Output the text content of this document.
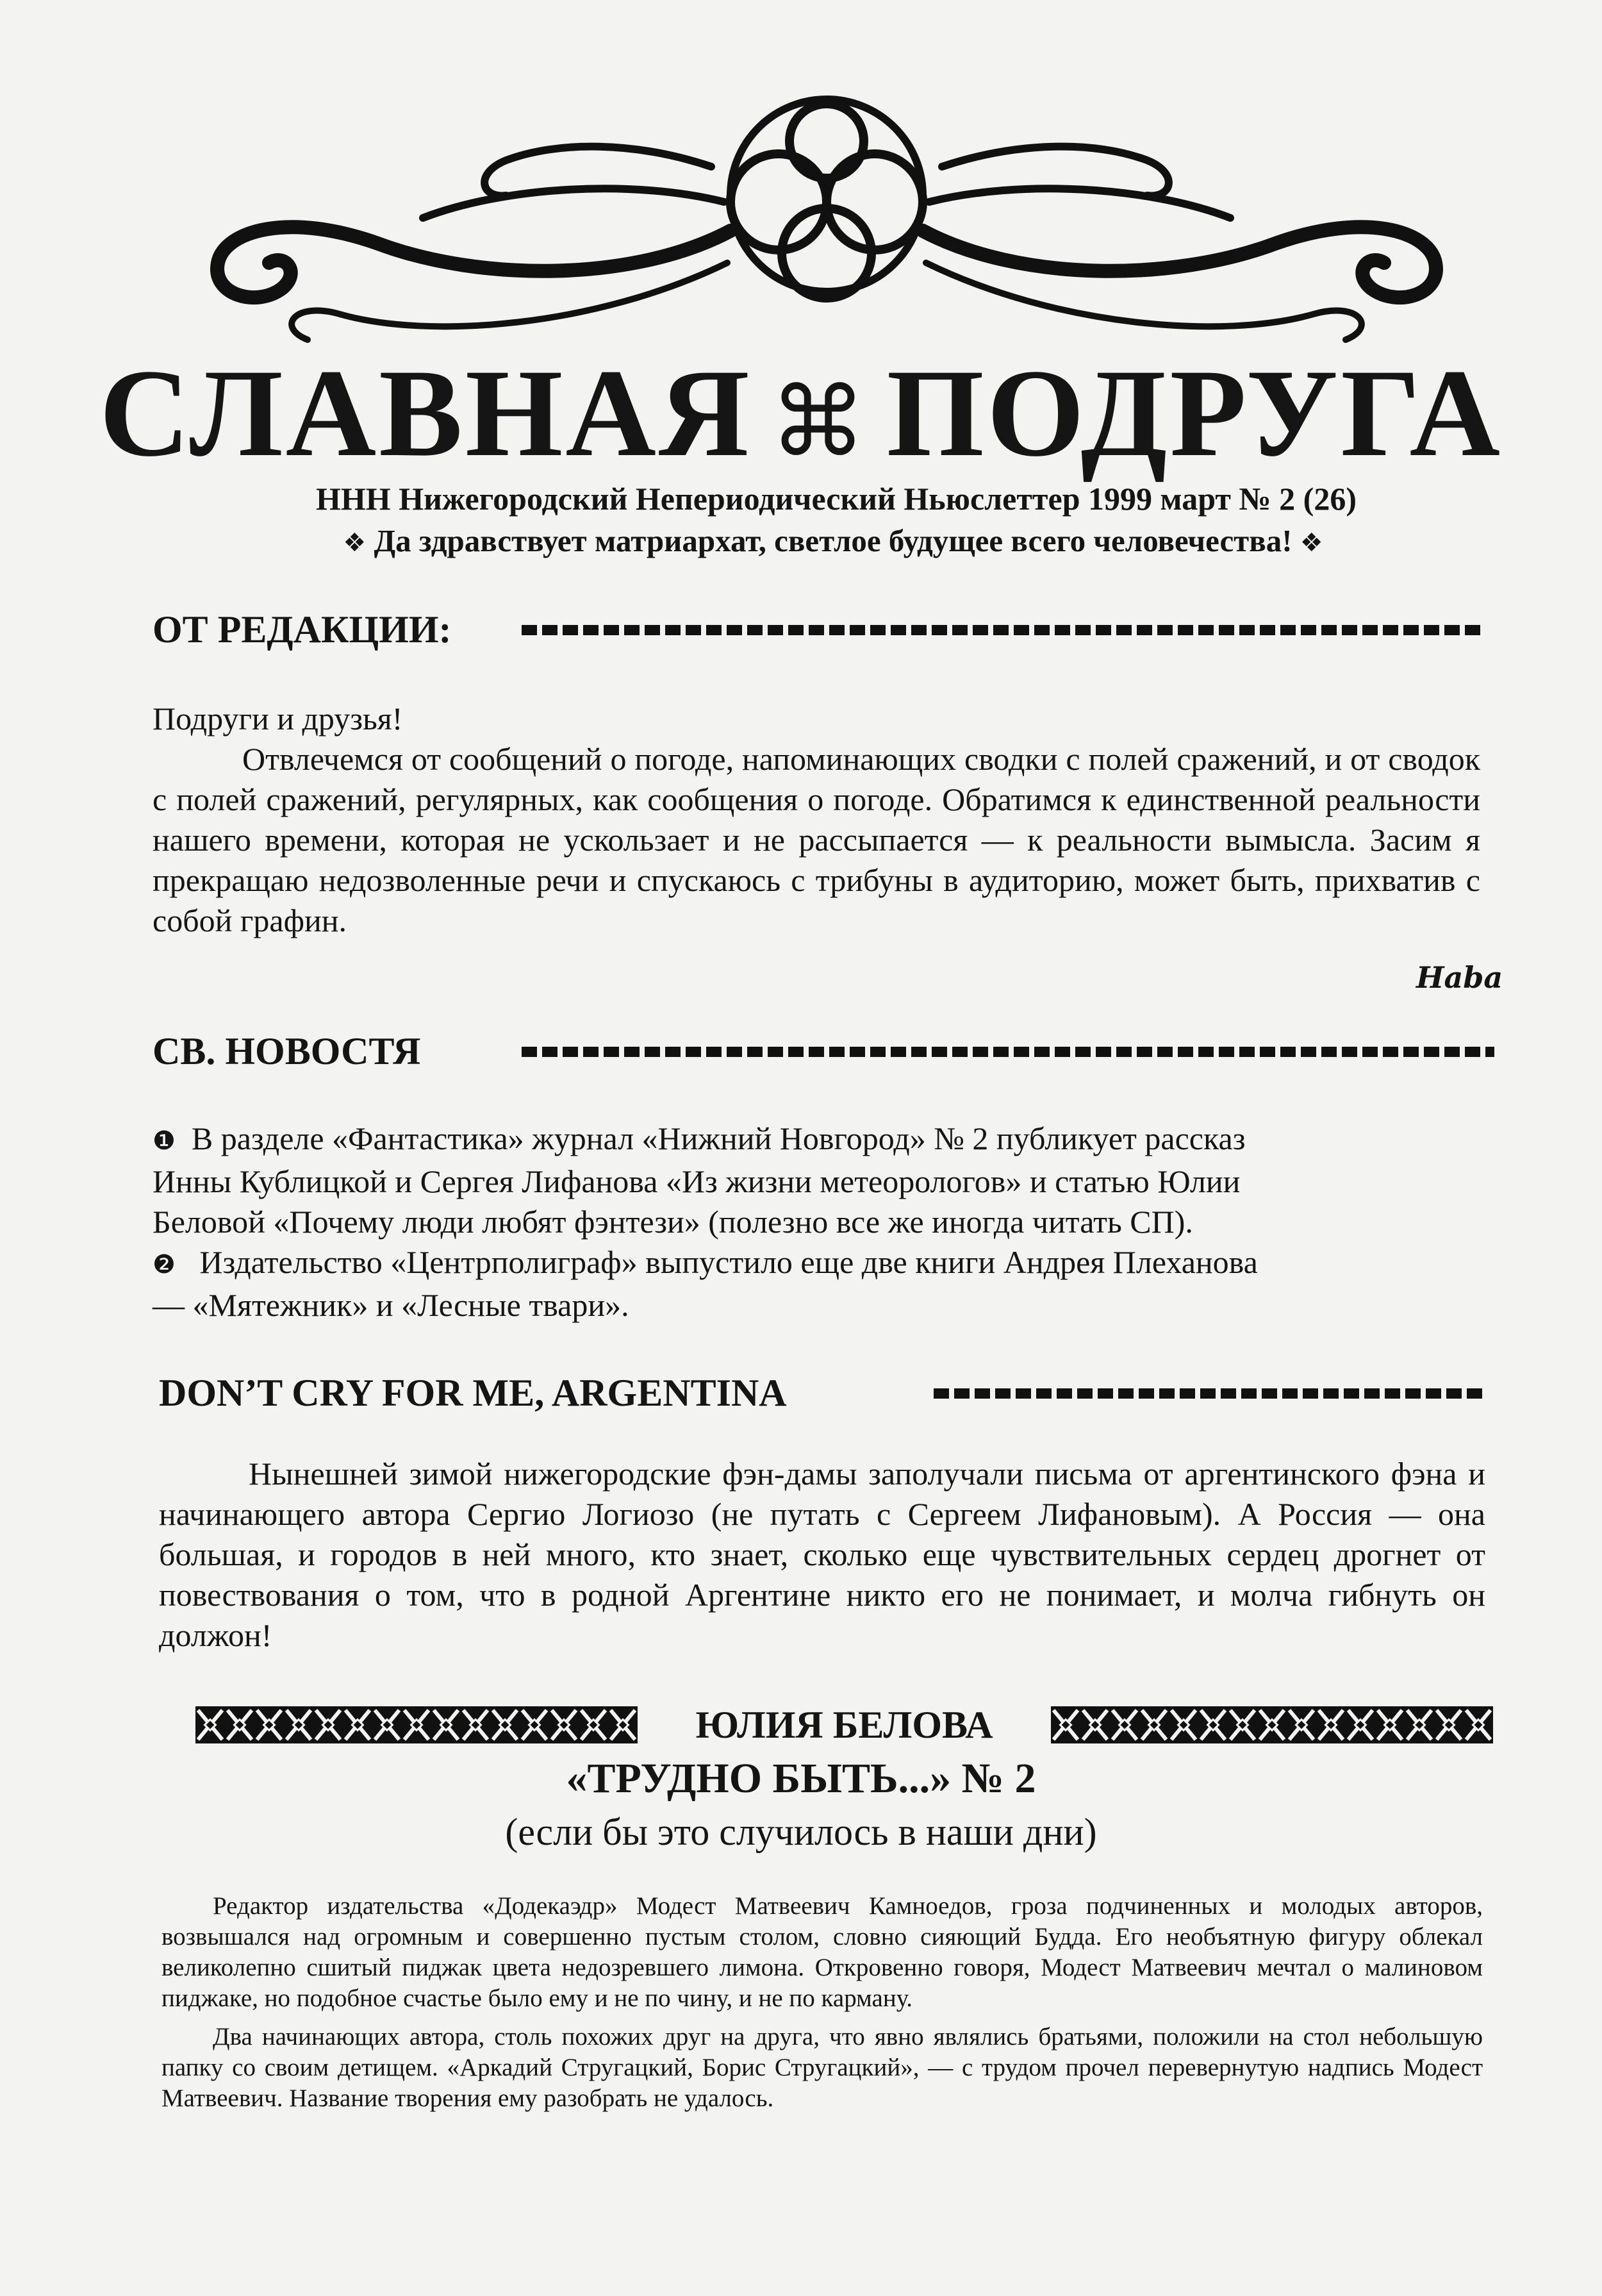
СЛАВНАЯ ⌘ ПОДРУГА
ННН Нижегородский Непериодический Ньюслеттер 1999 март № 2 (26)
❖ Да здравствует матриархат, светлое будущее всего человечества! ❖
ОТ РЕДАКЦИИ:
Подруги и друзья!

Отвлечемся от сообщений о погоде, напоминающих сводки с полей сражений, и от сводок с полей сражений, регулярных, как сообщения о погоде. Обратимся к единственной реальности нашего времени, которая не ускользает и не рассыпается — к реальности вымысла. Засим я прекращаю недозволенные речи и спускаюсь с трибуны в аудиторию, может быть, прихватив с собой графин.

Haba
СВ. НОВОСТЯ
❶ В разделе «Фантастика» журнал «Нижний Новгород» № 2 публикует рассказ
Инны Кублицкой и Сергея Лифанова «Из жизни метеорологов» и статью Юлии
Беловой «Почему люди любят фэнтези» (полезно все же иногда читать СП).
❷ Издательство «Центрполиграф» выпустило еще две книги Андрея Плеханова
— «Мятежник» и «Лесные твари».
DON’T CRY FOR ME, ARGENTINA

Нынешней зимой нижегородские фэн-дамы заполучали письма от аргентинского фэна и начинающего автора Сергио Логиозо (не путать с Сергеем Лифановым). А Россия — она большая, и городов в ней много, кто знает, сколько еще чувствительных сердец дрогнет от повествования о том, что в родной Аргентине никто его не понимает, и молча гибнуть он должон!

ЮЛИЯ БЕЛОВА
«ТРУДНО БЫТЬ...» № 2
(если бы это случилось в наши дни)

Редактор издательства «Додекаэдр» Модест Матвеевич Камноедов, гроза подчиненных и молодых авторов, возвышался над огромным и совершенно пустым столом, словно сияющий Будда. Его необъятную фигуру облекал великолепно сшитый пиджак цвета недозревшего лимона. Откровенно говоря, Модест Матвеевич мечтал о малиновом пиджаке, но подобное счастье было ему и не по чину, и не по карману.

Два начинающих автора, столь похожих друг на друга, что явно являлись братьями, положили на стол небольшую папку со своим детищем. «Аркадий Стругацкий, Борис Стругацкий», — с трудом прочел перевернутую надпись Модест Матвеевич. Название творения ему разобрать не удалось.
